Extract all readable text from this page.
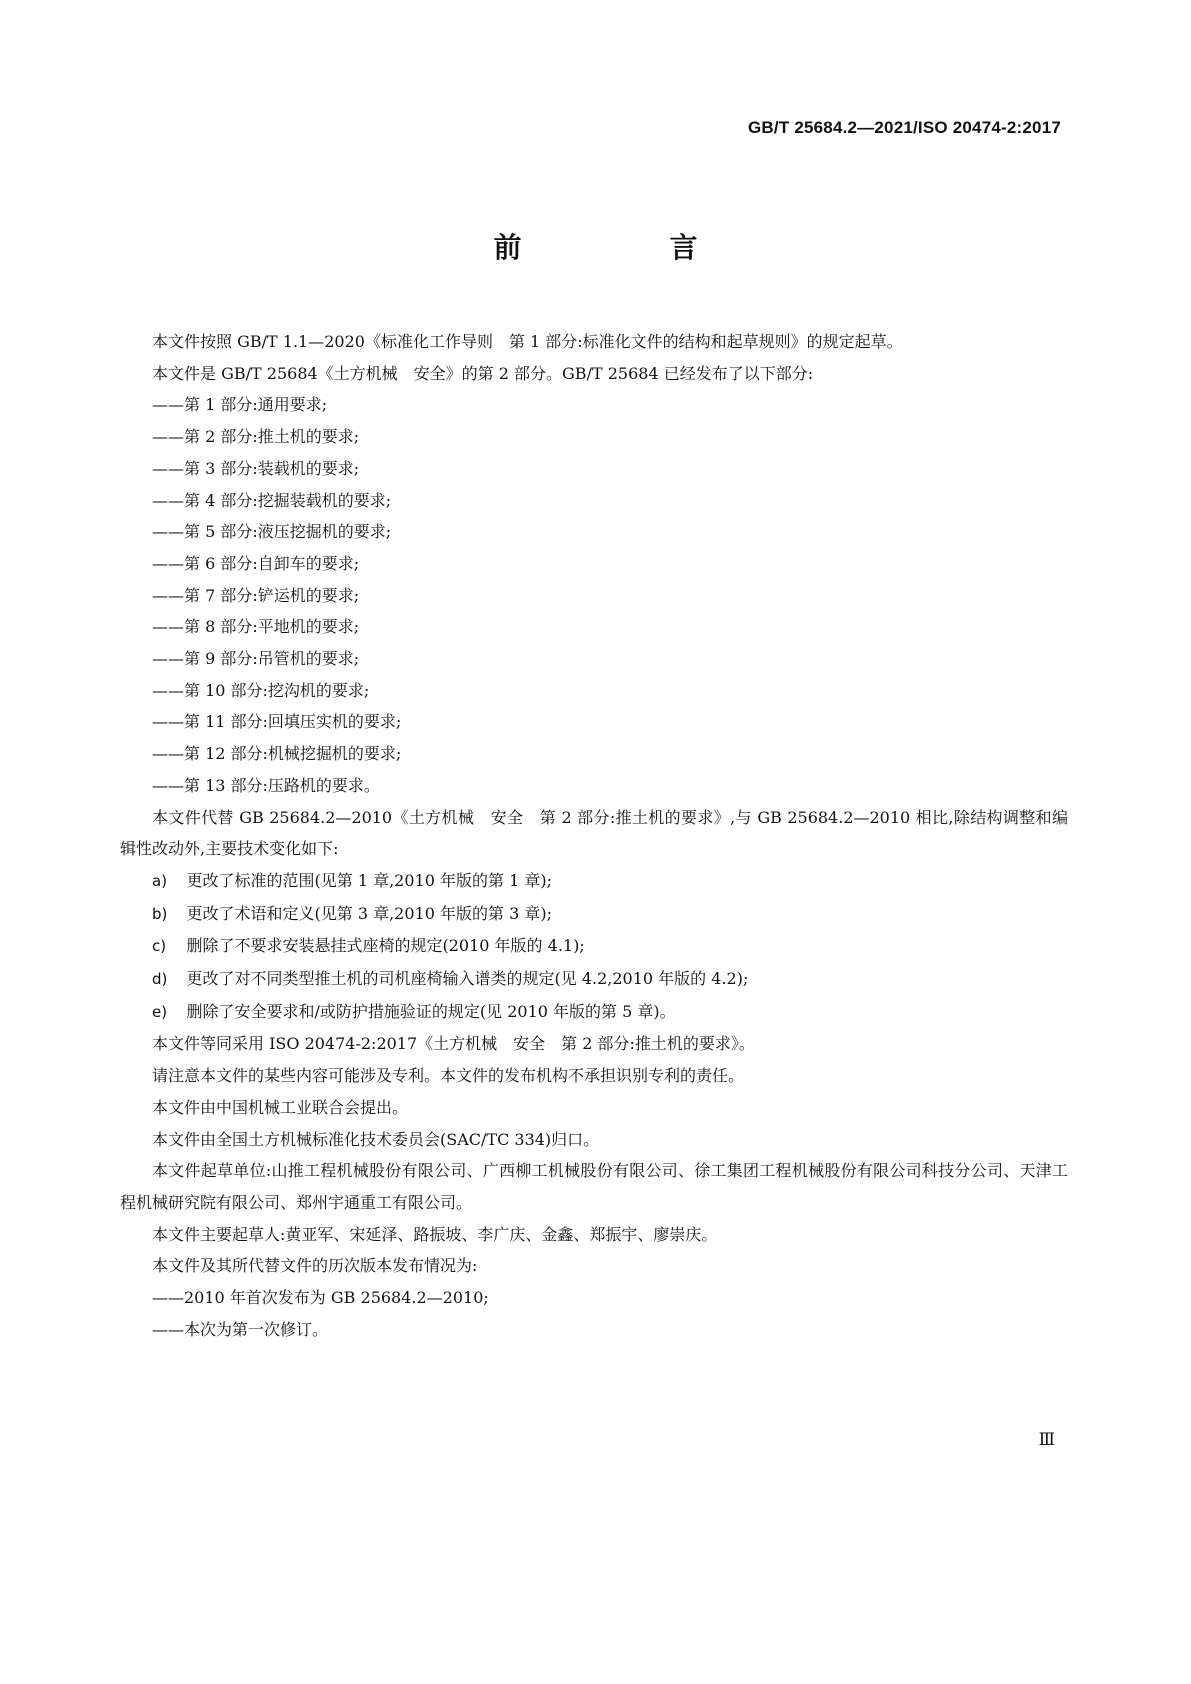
GB/T 25684.2—2021/ISO 20474-2:2017
前　言

本文件按照 GB/T 1.1—2020《标准化工作导则　第 1 部分:标准化文件的结构和起草规则》的规定起草。

本文件是 GB/T 25684《土方机械　安全》的第 2 部分。GB/T 25684 已经发布了以下部分:

——第 1 部分:通用要求;

——第 2 部分:推土机的要求;

——第 3 部分:装载机的要求;

——第 4 部分:挖掘装载机的要求;

——第 5 部分:液压挖掘机的要求;

——第 6 部分:自卸车的要求;

——第 7 部分:铲运机的要求;

——第 8 部分:平地机的要求;

——第 9 部分:吊管机的要求;

——第 10 部分:挖沟机的要求;

——第 11 部分:回填压实机的要求;

——第 12 部分:机械挖掘机的要求;

——第 13 部分:压路机的要求。

本文件代替 GB 25684.2—2010《土方机械　安全　第 2 部分:推土机的要求》,与 GB 25684.2—2010 相比,除结构调整和编辑性改动外,主要技术变化如下:

a) 更改了标准的范围(见第 1 章,2010 年版的第 1 章);

b) 更改了术语和定义(见第 3 章,2010 年版的第 3 章);

c) 删除了不要求安装悬挂式座椅的规定(2010 年版的 4.1);

d) 更改了对不同类型推土机的司机座椅输入谱类的规定(见 4.2,2010 年版的 4.2);

e) 删除了安全要求和/或防护措施验证的规定(见 2010 年版的第 5 章)。

本文件等同采用 ISO 20474-2:2017《土方机械　安全　第 2 部分:推土机的要求》。

请注意本文件的某些内容可能涉及专利。本文件的发布机构不承担识别专利的责任。

本文件由中国机械工业联合会提出。

本文件由全国土方机械标准化技术委员会(SAC/TC 334)归口。

本文件起草单位:山推工程机械股份有限公司、广西柳工机械股份有限公司、徐工集团工程机械股份有限公司科技分公司、天津工程机械研究院有限公司、郑州宇通重工有限公司。

本文件主要起草人:黄亚军、宋延泽、路振坡、李广庆、金鑫、郑振宇、廖崇庆。

本文件及其所代替文件的历次版本发布情况为:

——2010 年首次发布为 GB 25684.2—2010;

——本次为第一次修订。

Ⅲ
